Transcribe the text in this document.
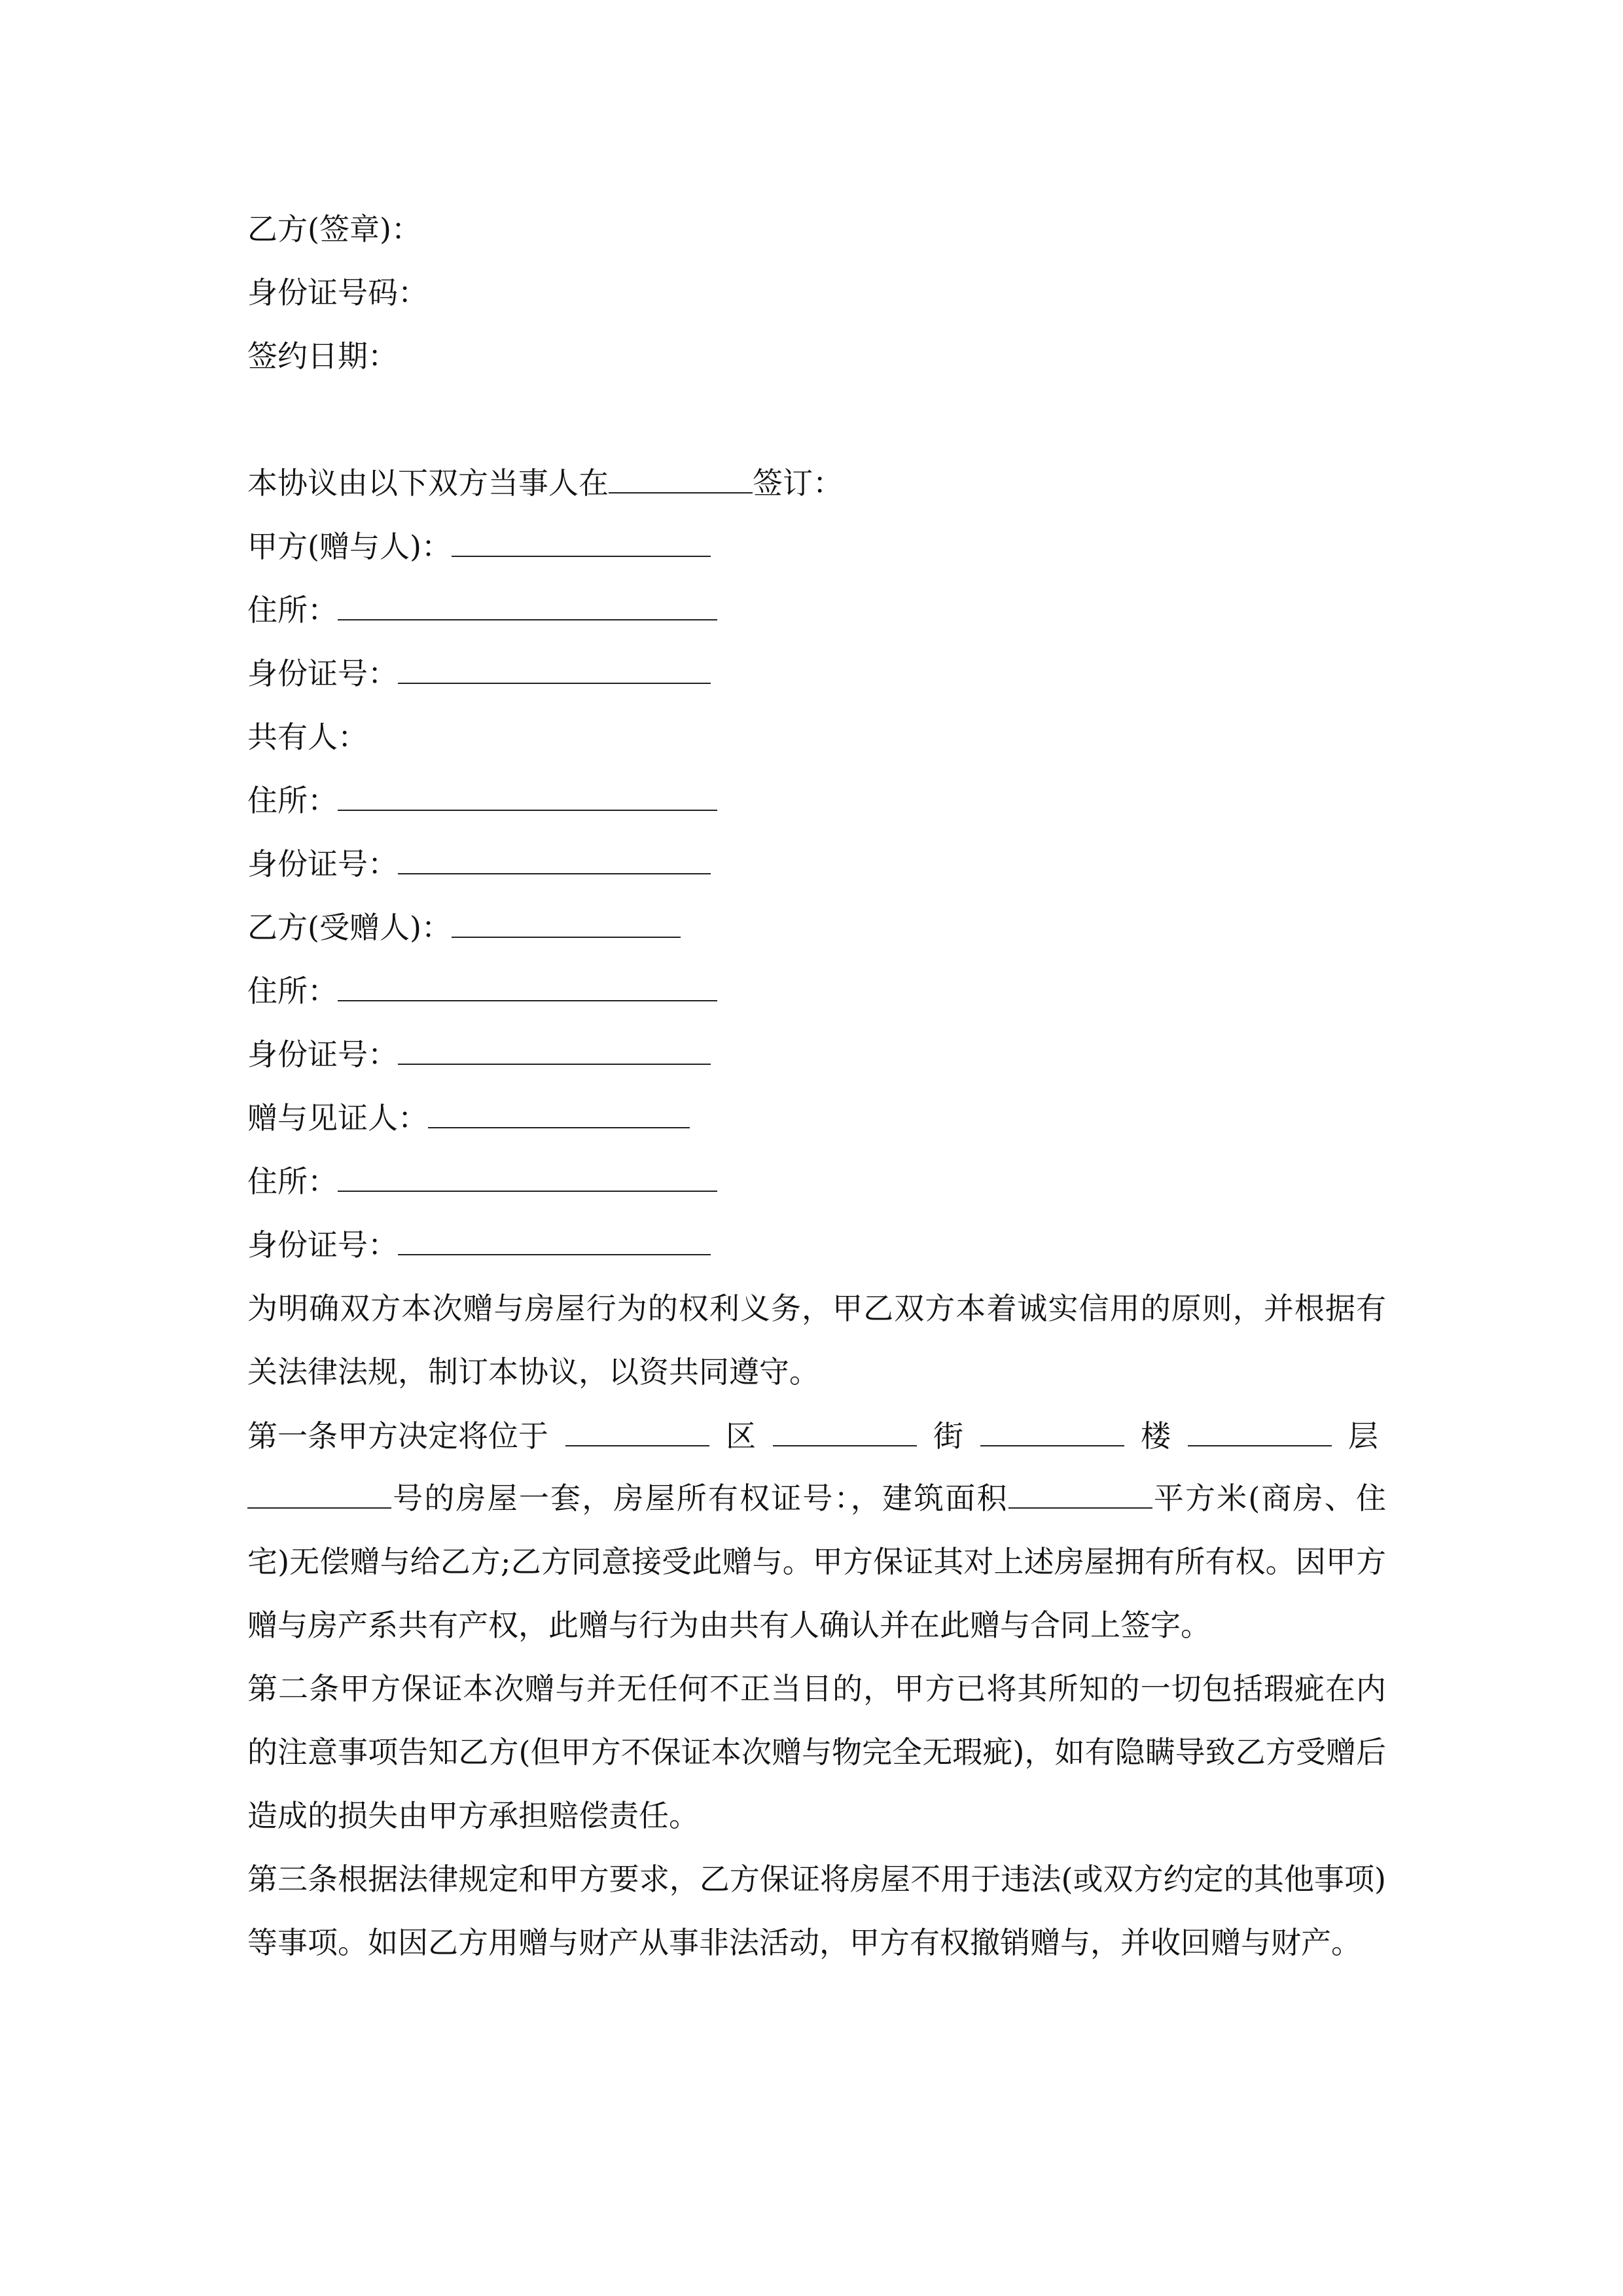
乙方(签章)：
身份证号码：
签约日期：
本协议由以下双方当事人在	签订：
甲方(赠与人)：
住所：
身份证号：
共有人：
住所：
身份证号：
乙方(受赠人)：
住所：
身份证号：
赠与见证人：
住所：
身份证号：

为明确双方本次赠与房屋行为的权利义务，甲乙双方本着诚实信用的原则，并根据有关法律法规，制订本协议，以资共同遵守。

第一条甲方决定将位于	区	街	楼	层

号的房屋一套，房屋所有权证号：，建筑面积	平方米(商房、住宅)无偿赠与给乙方;乙方同意接受此赠与。甲方保证其对上述房屋拥有所有权。因甲方赠与房产系共有产权，此赠与行为由共有人确认并在此赠与合同上签字。

第二条甲方保证本次赠与并无任何不正当目的，甲方已将其所知的一切包括瑕疵在内的注意事项告知乙方(但甲方不保证本次赠与物完全无瑕疵)，如有隐瞒导致乙方受赠后造成的损失由甲方承担赔偿责任。

第三条根据法律规定和甲方要求，乙方保证将房屋不用于违法(或双方约定的其他事项)等事项。如因乙方用赠与财产从事非法活动，甲方有权撤销赠与，并收回赠与财产。
